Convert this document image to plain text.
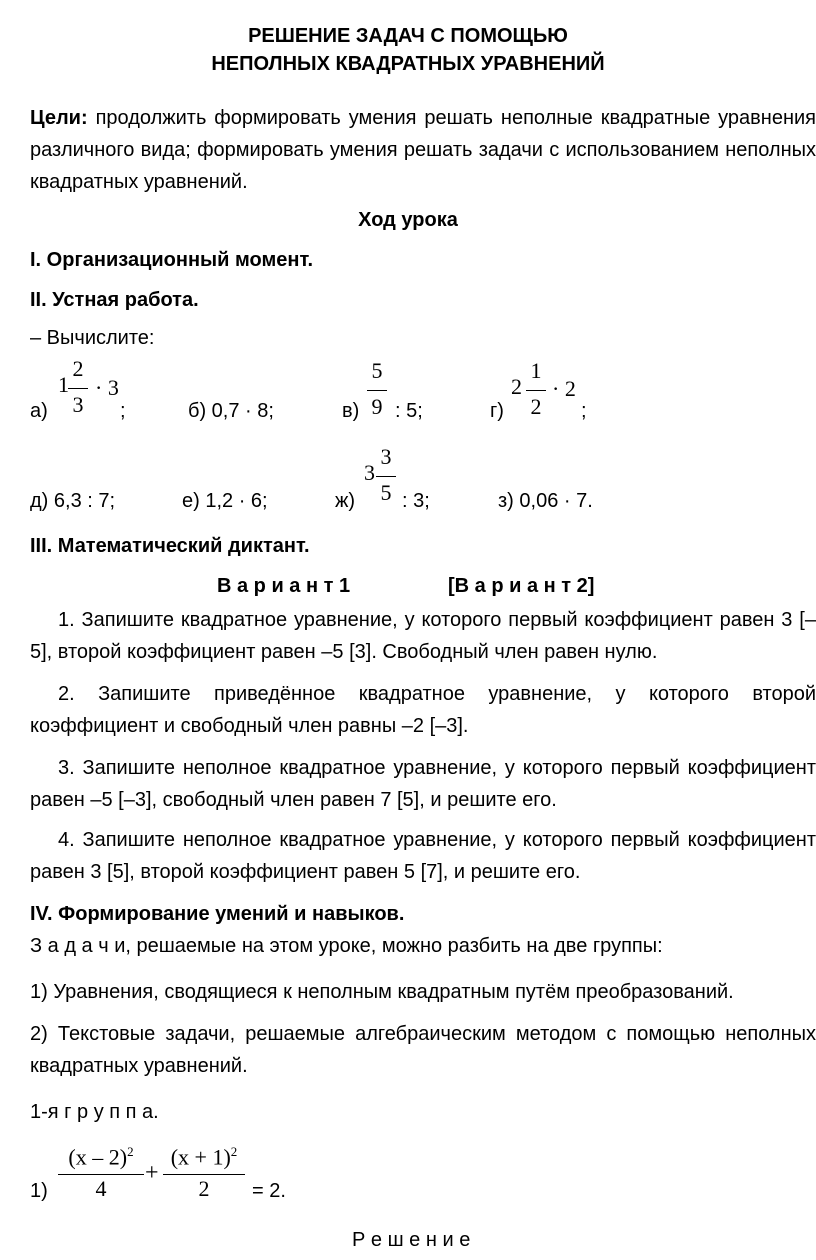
РЕШЕНИЕ ЗАДАЧ С ПОМОЩЬЮ
НЕПОЛНЫХ КВАДРАТНЫХ УРАВНЕНИЙ
Цели: продолжить формировать умения решать неполные квадратные уравнения различного вида; формировать умения решать задачи с использованием неполных квадратных уравнений.
Ход урока
I. Организационный момент.
II. Устная работа.
– Вычислите:
а)
1
2
3
· 3
;	б) 0,7 · 8;	в)
5
9 : 5;	г)
2
1
2
· 2
;
д) 6,3 : 7;	е) 1,2 · 6;	ж)
3
3
5 : 3;	з) 0,06 · 7.
III. Математический диктант.
В а р и а н т 1	[В а р и а н т 2]
1. Запишите квадратное уравнение, у которого первый коэффициент равен 3 [–5], второй коэффициент равен –5 [3]. Свободный член равен нулю.
2. Запишите приведённое квадратное уравнение, у которого второй коэффициент и свободный член равны –2 [–3].
3. Запишите неполное квадратное уравнение, у которого первый коэффициент равен –5 [–3], свободный член равен 7 [5], и решите его.
4. Запишите неполное квадратное уравнение, у которого первый коэффициент равен 3 [5], второй коэффициент равен 5 [7], и решите его.
IV. Формирование умений и навыков.
З а д а ч и, решаемые на этом уроке, можно разбить на две группы:
1) Уравнения, сводящиеся к неполным квадратным путём преобразований.
2) Текстовые задачи, решаемые алгебраическим методом с помощью неполных квадратных уравнений.
1-я г р у п п а.
1)
(x – 2)$^2$
4
+
$(x + 1)^2$
2	= 2.
Р е ш е н и е
